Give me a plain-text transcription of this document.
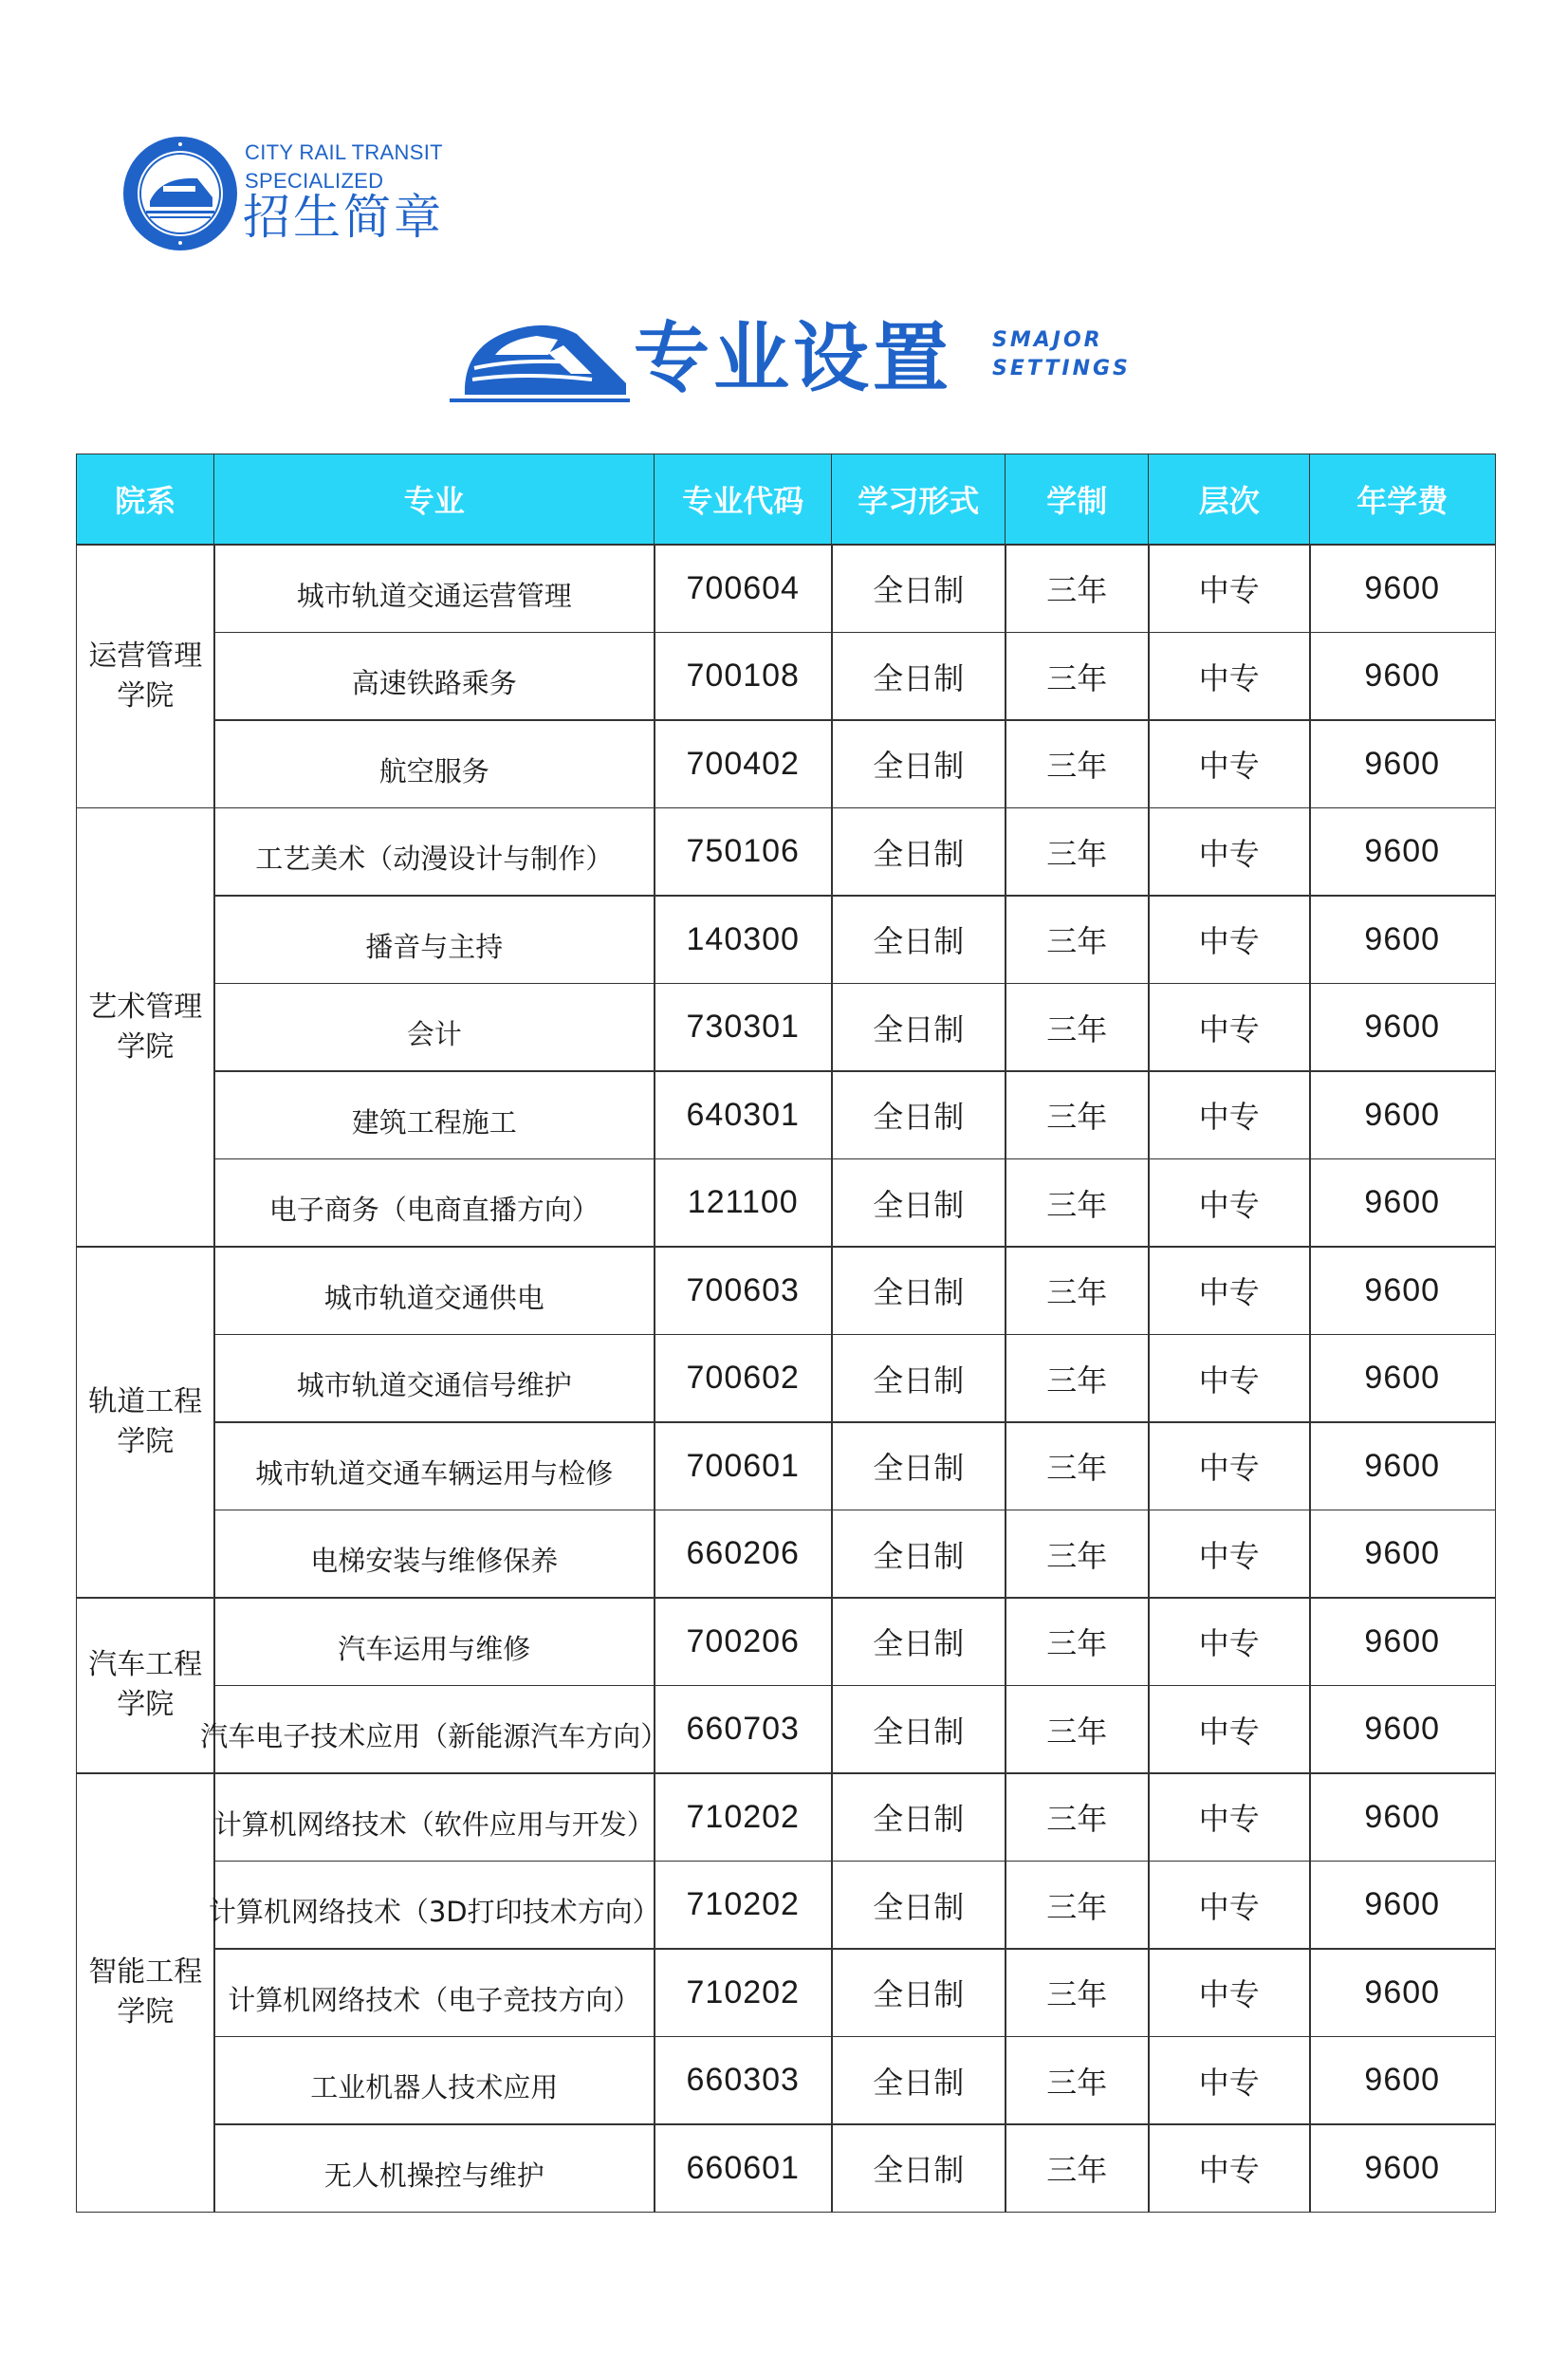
CITY RAIL TRANSIT
SPECIALIZED
招生简章
专业设置 SMAJOR
SETTINGS
院系	专业	专业代码	学习形式	学制	层次	年学费
运营管理学院
城市轨道交通运营管理	700604	全日制	三年	中专	9600
高速铁路乘务	700108	全日制	三年	中专	9600
航空服务	700402	全日制	三年	中专	9600
艺术管理学院
工艺美术（动漫设计与制作）	750106	全日制	三年	中专	9600
播音与主持	140300	全日制	三年	中专	9600
会计	730301	全日制	三年	中专	9600
建筑工程施工	640301	全日制	三年	中专	9600
电子商务（电商直播方向）	121100	全日制	三年	中专	9600
轨道工程学院
城市轨道交通供电	700603	全日制	三年	中专	9600
城市轨道交通信号维护	700602	全日制	三年	中专	9600
城市轨道交通车辆运用与检修	700601	全日制	三年	中专	9600
电梯安装与维修保养	660206	全日制	三年	中专	9600
汽车工程学院
汽车运用与维修	700206	全日制	三年	中专	9600
汽车电子技术应用（新能源汽车方向） 660703	全日制	三年	中专	9600
智能工程学院
计算机网络技术（软件应用与开发） 710202	全日制	三年	中专	9600
计算机网络技术（3D打印技术方向） 710202	全日制	三年	中专	9600
计算机网络技术（电子竞技方向）	710202	全日制	三年	中专	9600
工业机器人技术应用	660303	全日制	三年	中专	9600
无人机操控与维护	660601	全日制	三年	中专	9600
